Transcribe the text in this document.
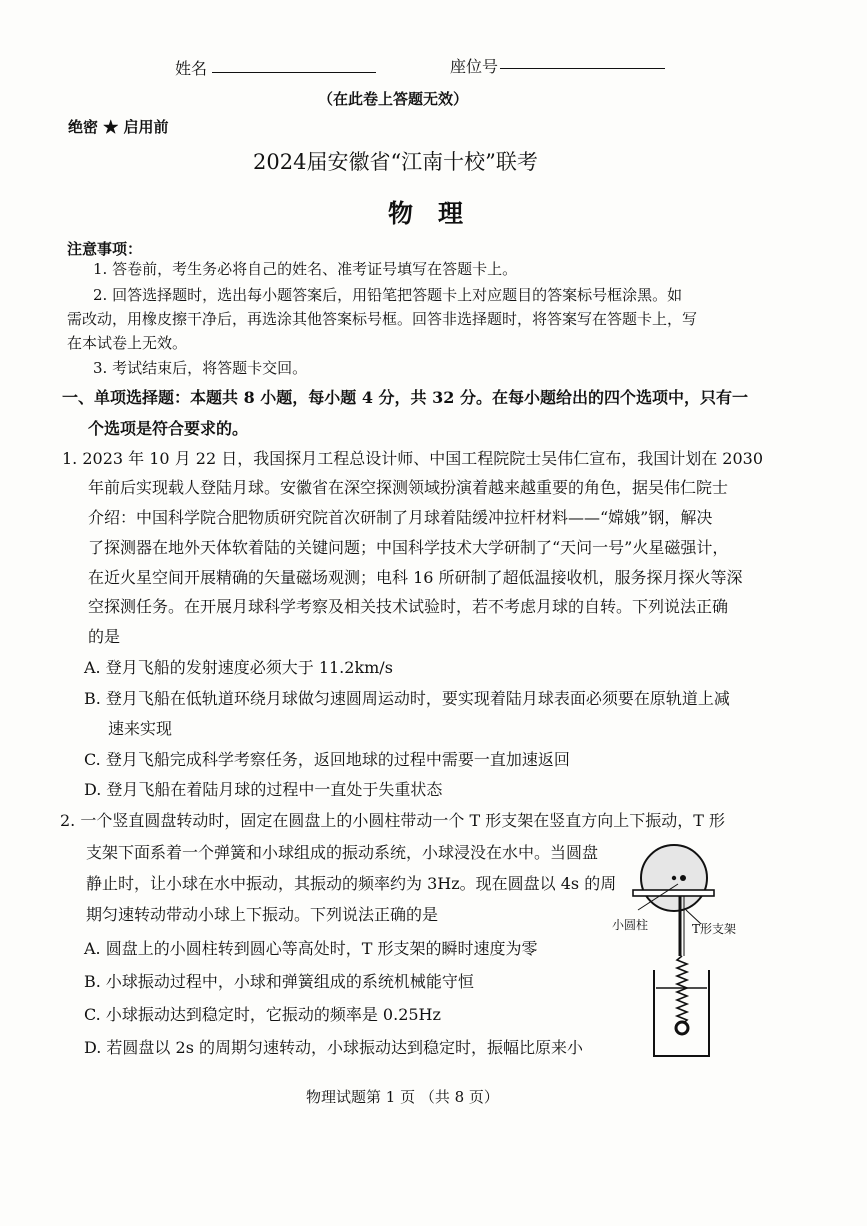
姓名	座位号
（在此卷上答题无效）
绝密 ★ 启用前
2024届安徽省“江南十校”联考
物　理
注意事项：
1. 答卷前，考生务必将自己的姓名、准考证号填写在答题卡上。
2. 回答选择题时，选出每小题答案后，用铅笔把答题卡上对应题目的答案标号框涂黑。如
需改动，用橡皮擦干净后，再选涂其他答案标号框。回答非选择题时，将答案写在答题卡上，写
在本试卷上无效。
3. 考试结束后，将答题卡交回。
一、单项选择题：本题共 8 小题，每小题 4 分，共 32 分。在每小题给出的四个选项中，只有一
个选项是符合要求的。
1. 2023 年 10 月 22 日，我国探月工程总设计师、中国工程院院士吴伟仁宣布，我国计划在 2030
年前后实现载人登陆月球。安徽省在深空探测领域扮演着越来越重要的角色，据吴伟仁院士
介绍：中国科学院合肥物质研究院首次研制了月球着陆缓冲拉杆材料——“嫦娥”钢，解决
了探测器在地外天体软着陆的关键问题；中国科学技术大学研制了“天问一号”火星磁强计，
在近火星空间开展精确的矢量磁场观测；电科 16 所研制了超低温接收机，服务探月探火等深
空探测任务。在开展月球科学考察及相关技术试验时，若不考虑月球的自转。下列说法正确
的是
A. 登月飞船的发射速度必须大于 11.2km/s
B. 登月飞船在低轨道环绕月球做匀速圆周运动时，要实现着陆月球表面必须要在原轨道上减
速来实现
C. 登月飞船完成科学考察任务，返回地球的过程中需要一直加速返回
D. 登月飞船在着陆月球的过程中一直处于失重状态
2. 一个竖直圆盘转动时，固定在圆盘上的小圆柱带动一个 T 形支架在竖直方向上下振动，T 形
支架下面系着一个弹簧和小球组成的振动系统，小球浸没在水中。当圆盘
静止时，让小球在水中振动，其振动的频率约为 3Hz。现在圆盘以 4s 的周
期匀速转动带动小球上下振动。下列说法正确的是
A. 圆盘上的小圆柱转到圆心等高处时，T 形支架的瞬时速度为零
B. 小球振动过程中，小球和弹簧组成的系统机械能守恒
C. 小球振动达到稳定时，它振动的频率是 0.25Hz
D. 若圆盘以 2s 的周期匀速转动，小球振动达到稳定时，振幅比原来小
小圆柱	T形支架
物理试题第 1 页 （共 8 页）
